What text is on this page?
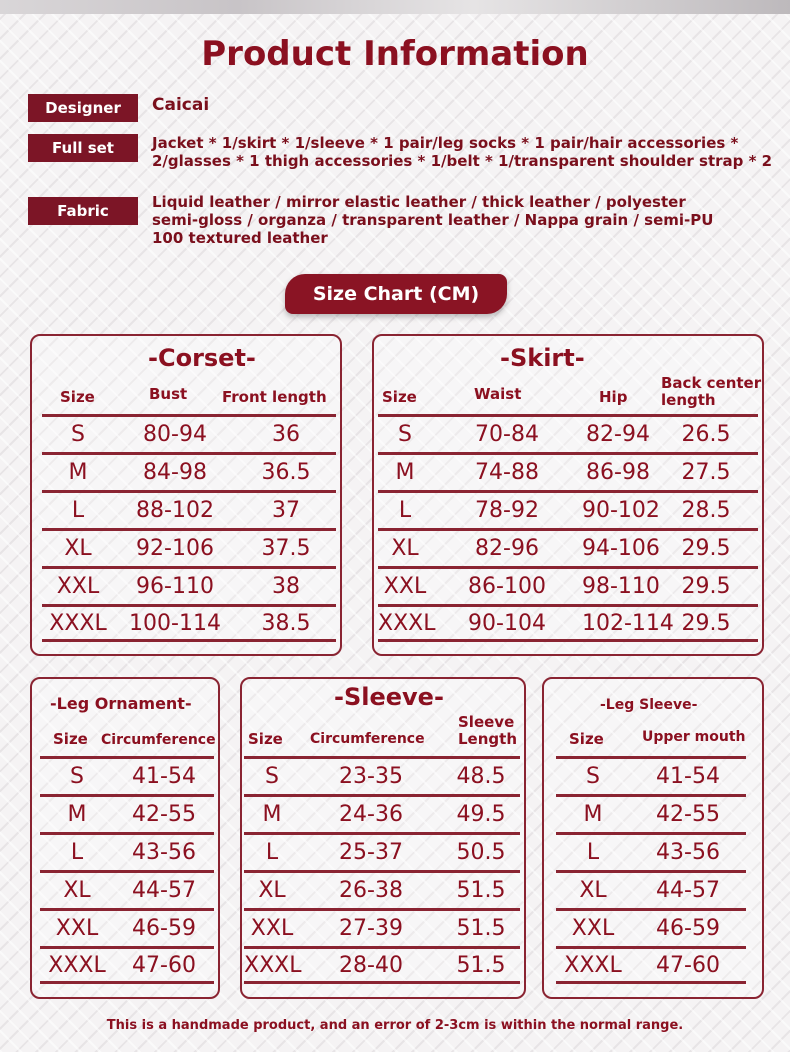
Product Information
Designer	Caicai
Full set	Jacket * 1/skirt * 1/sleeve * 1 pair/leg socks * 1 pair/hair accessories *
2/glasses * 1 thigh accessories * 1/belt * 1/transparent shoulder strap * 2
Fabric	Liquid leather / mirror elastic leather / thick leather / polyester
semi-gloss / organza / transparent leather / Nappa grain / semi-PU
100 textured leather
Size Chart (CM)
-Corset-
Size	Bust Front length
S	80-94	36
M	84-98	36.5
L	88-102	37
XL	92-106	37.5
XXL	96-110	38
XXXL	100-114	38.5
-Skirt-
Size	Waist	Hip
Back center
length
S	70-84	82-94	26.5
M	74-88	86-98	27.5
L	78-92	90-102 28.5
XL	82-96	94-106 29.5
XXL	86-100	98-110 29.5
XXXL	90-104	102-114 29.5
-Leg Ornament-
Size Circumference
S	41-54
M	42-55
L	43-56
XL	44-57
XXL	46-59
XXXL	47-60
-Sleeve-
Size Circumference
Sleeve
Length
S	23-35	48.5
M	24-36	49.5
L	25-37	50.5
XL	26-38	51.5
XXL	27-39	51.5
XXXL	28-40	51.5
-Leg Sleeve-
Size	Upper mouth
S	41-54
M	42-55
L	43-56
XL	44-57
XXL	46-59
XXXL	47-60
This is a handmade product, and an error of 2-3cm is within the normal range.
